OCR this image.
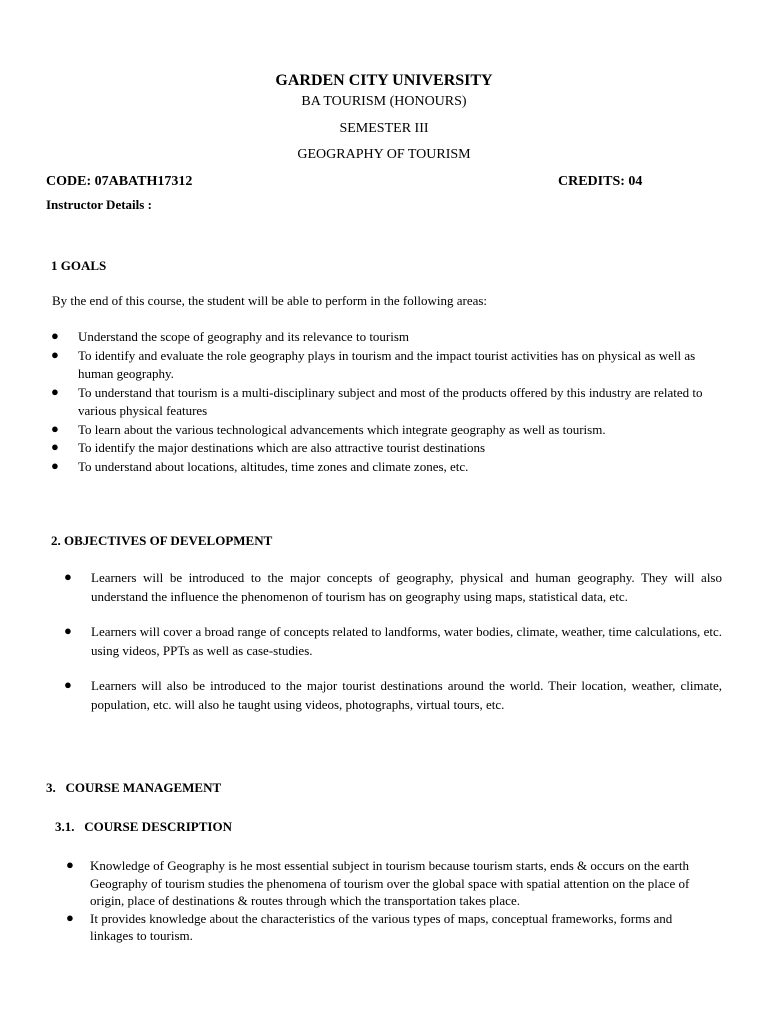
GARDEN CITY UNIVERSITY
BA TOURISM (HONOURS)
SEMESTER III
GEOGRAPHY OF TOURISM
CODE: 07ABATH17312	CREDITS: 04
Instructor Details :
1 GOALS
By the end of this course, the student will be able to perform in the following areas:
● Understand the scope of geography and its relevance to tourism
● To identify and evaluate the role geography plays in tourism and the impact tourist activities has on physical as well as human geography.
● To understand that tourism is a multi-disciplinary subject and most of the products offered by this industry are related to various physical features
● To learn about the various technological advancements which integrate geography as well as tourism.
● To identify the major destinations which are also attractive tourist destinations
● To understand about locations, altitudes, time zones and climate zones, etc.
2. OBJECTIVES OF DEVELOPMENT
● Learners will be introduced to the major concepts of geography, physical and human geography. They will also understand the influence the phenomenon of tourism has on geography using maps, statistical data, etc.
● Learners will cover a broad range of concepts related to landforms, water bodies, climate, weather, time calculations, etc. using videos, PPTs as well as case-studies.
● Learners will also be introduced to the major tourist destinations around the world. Their location, weather, climate, population, etc. will also he taught using videos, photographs, virtual tours, etc.
3.   COURSE MANAGEMENT
3.1.   COURSE DESCRIPTION
● Knowledge of Geography is he most essential subject in tourism because tourism starts, ends & occurs on the earth Geography of tourism studies the phenomena of tourism over the global space with spatial attention on the place of origin, place of destinations & routes through which the transportation takes place.
● It provides knowledge about the characteristics of the various types of maps, conceptual frameworks, forms and linkages to tourism.
